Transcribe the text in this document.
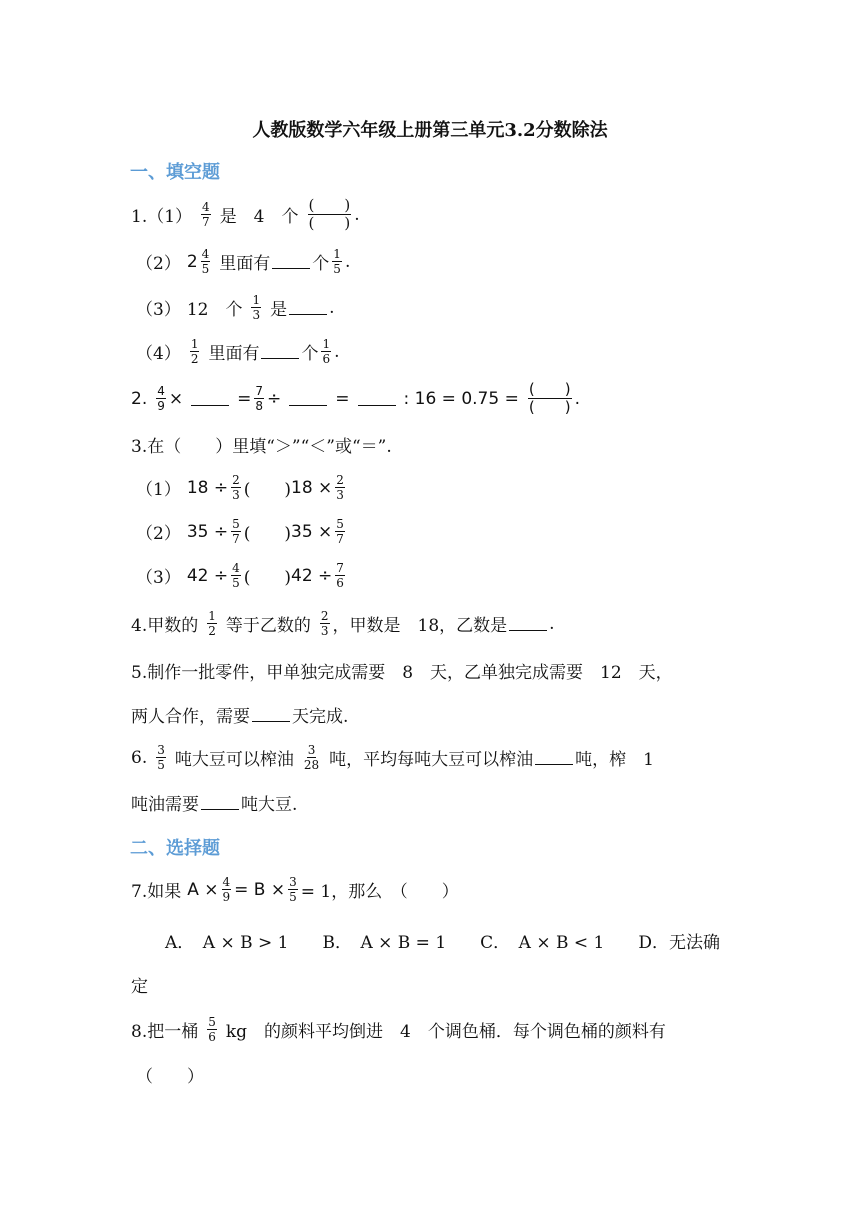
人教版数学六年级上册第三单元3.2分数除法
一、填空题
1.（1） 4
7 是　4　个
(　　)
(　　) .
（2） 2 4
5 里面有 个 1
5 .
（3） 12　个 1
3 是 .
（4） 1
2 里面有 个 1
6 .
2. $\frac{4}{9}$ ×	= $\frac{7}{8}$ ÷	=	: 16 = 0.75 = (　　)
(　　) .
3.在（　　）里填“＞”“＜”或“＝”.
（1） $18 \div \frac{2}{3}$ (　　) $18 \times \frac{2}{3}$
（2） $35 \div \frac{5}{7}$ (　　) $35 \times \frac{5}{7}$
（3） $42 \div \frac{4}{5}$ (　　) $42 \div \frac{7}{6}$
4.甲数的 1
2 等于乙数的 2
3 ，甲数是　18，乙数是 .
5.制作一批零件，甲单独完成需要　8　天，乙单独完成需要　12　天，
两人合作，需要 天完成.
6. 3
5 吨大豆可以榨油 3
28 吨，平均每吨大豆可以榨油 吨，榨　1
吨油需要 吨大豆.
二、选择题
7.如果 $A \times \frac{4}{9} = B \times \frac{3}{5} = 1$，那么　（　　）
A．　A × B > 1　　B．　A × B = 1　　C．　A × B < 1　　D．无法确
定
8.把一桶 5
6 kg　的颜料平均倒进　4　个调色桶．每个调色桶的颜料有
（　　）
